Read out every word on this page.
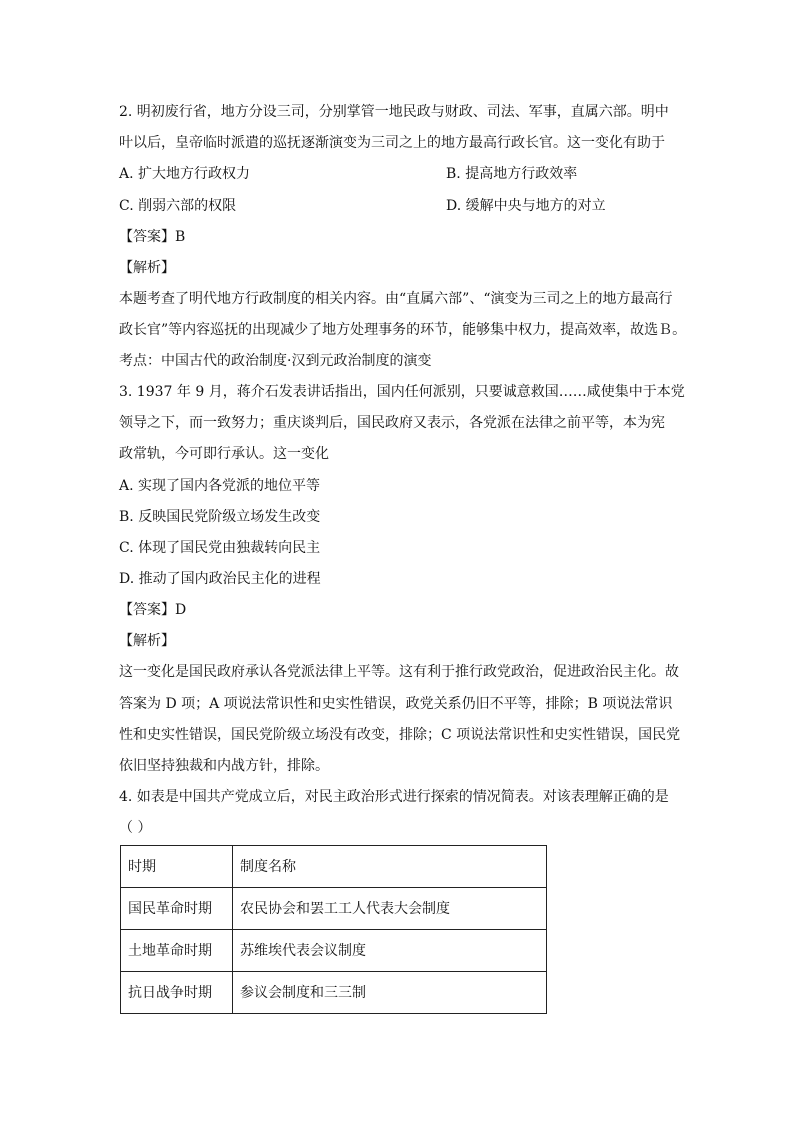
2. 明初废行省，地方分设三司，分别掌管一地民政与财政、司法、军事，直属六部。明中
叶以后，皇帝临时派遣的巡抚逐渐演变为三司之上的地方最高行政长官。这一变化有助于
A. 扩大地方行政权力	B. 提高地方行政效率
C. 削弱六部的权限	D. 缓解中央与地方的对立
【答案】B
【解析】
本题考查了明代地方行政制度的相关内容。由“直属六部”、“演变为三司之上的地方最高行
政长官”等内容巡抚的出现减少了地方处理事务的环节，能够集中权力，提高效率，故选Ｂ。
考点：中国古代的政治制度·汉到元政治制度的演变
3. 1937 年 9 月，蒋介石发表讲话指出，国内任何派别，只要诚意救国……咸使集中于本党
领导之下，而一致努力；重庆谈判后，国民政府又表示，各党派在法律之前平等，本为宪
政常轨，今可即行承认。这一变化
A. 实现了国内各党派的地位平等
B. 反映国民党阶级立场发生改变
C. 体现了国民党由独裁转向民主
D. 推动了国内政治民主化的进程
【答案】D
【解析】
这一变化是国民政府承认各党派法律上平等。这有利于推行政党政治，促进政治民主化。故
答案为 D 项；A 项说法常识性和史实性错误，政党关系仍旧不平等，排除；B 项说法常识
性和史实性错误，国民党阶级立场没有改变，排除；C 项说法常识性和史实性错误，国民党
依旧坚持独裁和内战方针，排除。
4. 如表是中国共产党成立后，对民主政治形式进行探索的情况简表。对该表理解正确的是
（ ）
时期	制度名称
国民革命时期	农民协会和罢工工人代表大会制度
土地革命时期	苏维埃代表会议制度
抗日战争时期	参议会制度和三三制
